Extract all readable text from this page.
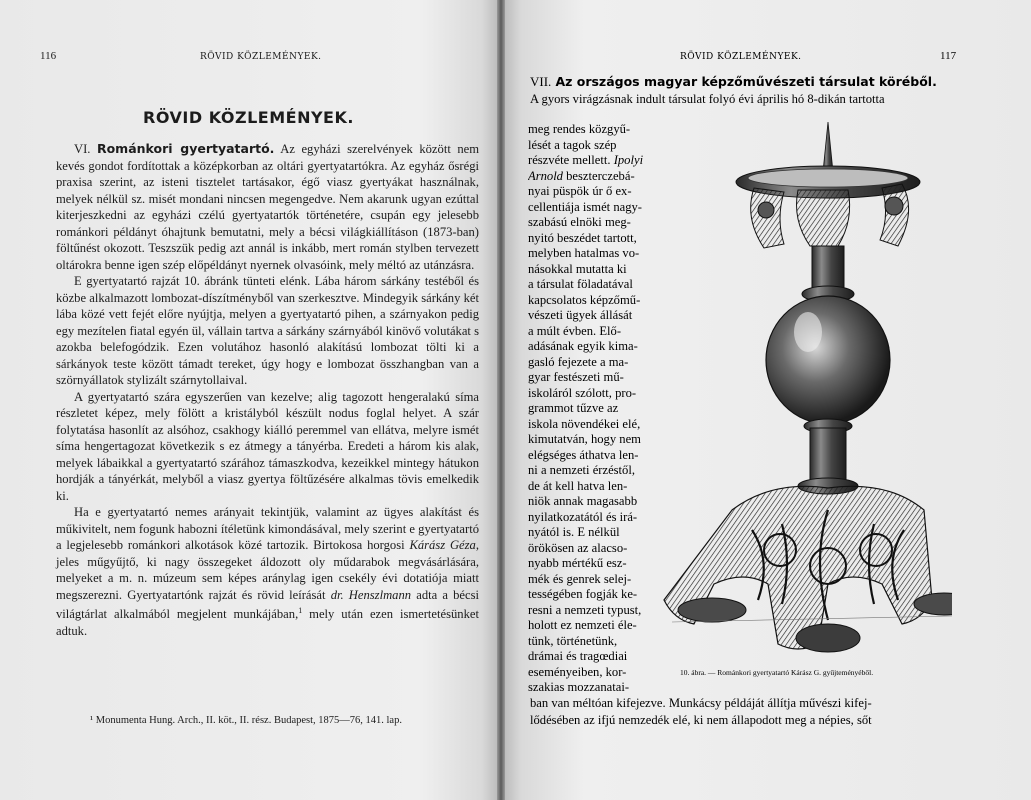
116	RÖVID KÖZLEMÉNYEK.
RÖVID KÖZLEMÉNYEK.

VI. Románkori gyertyatartó. Az egyházi szerelvények között nem kevés gondot fordítottak a középkorban az oltári gyertyatartókra. Az egyház ősrégi praxisa szerint, az isteni tisztelet tartásakor, égő viasz gyertyákat használnak, melyek nélkül sz. misét mondani nincsen megengedve. Nem akarunk ugyan ezúttal kiterjeszkedni az egyházi czélú gyertyatartók történetére, csupán egy jelesebb románkori példányt óhajtunk bemutatni, mely a bécsi világkiállításon (1873-ban) föltűnést okozott. Teszszük pedig azt annál is inkább, mert román stylben tervezett oltárokra benne igen szép előpéldányt nyernek olvasóink, mely méltó az utánzásra.

E gyertyatartó rajzát 10. ábránk tünteti elénk. Lába három sárkány testéből és közbe alkalmazott lombozat-díszítményből van szerkesztve. Mindegyik sárkány két lába közé vett fejét előre nyújtja, melyen a gyertyatartó pihen, a szárnyakon pedig egy mezítelen fiatal egyén ül, vállain tartva a sárkány szárnyából kinövő volutákat s azokba belefogódzik. Ezen volutához hasonló alakítású lombozat tölti ki a sárkányok teste között támadt tereket, úgy hogy e lombozat összhangban van a szörnyállatok stylizált szárnytollaival.

A gyertyatartó szára egyszerűen van kezelve; alig tagozott hengeralakú síma részletet képez, mely fölött a kristályból készült nodus foglal helyet. A szár folytatása hasonlít az alsóhoz, csakhogy kiálló peremmel van ellátva, melyre ismét síma hengertagozat következik s ez átmegy a tányérba. Eredeti a három kis alak, melyek lábaikkal a gyertyatartó szárához támaszkodva, kezeikkel mintegy hátukon hordják a tányérkát, melyből a viasz gyertya föltűzésére alkalmas tövis emelkedik ki.

Ha e gyertyatartó nemes arányait tekintjük, valamint az ügyes alakítást és műkivitelt, nem fogunk habozni ítéletünk kimondásával, mely szerint e gyertyatartó a legjelesebb románkori alkotások közé tartozik. Birtokosa horgosi Kárász Géza, jeles műgyűjtő, ki nagy összegeket áldozott oly műdarabok megvásárlására, melyeket a m. n. múzeum sem képes aránylag igen csekély évi dotatiója miatt megszerezni. Gyertyatartónk rajzát és rövid leírását dr. Henszlmann adta a bécsi világtárlat alkalmából megjelent munkájában,$^1$ mely után ezen ismertetésünket adtuk.

¹ Monumenta Hung. Arch., II. köt., II. rész. Budapest, 1875—76, 141. lap.
RÖVID KÖZLEMÉNYEK.	117
VII. Az országos magyar képzőművészeti társulat köréből.
A gyors virágzásnak indult társulat folyó évi április hó 8-dikán tartotta
meg rendes közgyű-
lését a tagok szép
részvéte mellett. Ipolyi
Arnold beszterczebá-
nyai püspök úr ő ex-
cellentiája ismét nagy-
szabású elnöki meg-
nyitó beszédet tartott,
melyben hatalmas vo-
násokkal mutatta ki
a társulat föladatával
kapcsolatos képzőmű-
vészeti ügyek állását
a múlt évben. Elő-
adásának egyik kima-
gasló fejezete a ma-
gyar festészeti mű-
iskoláról szólott, pro-
grammot tűzve az
iskola növendékei elé,
kimutatván, hogy nem
elégséges áthatva len-
ni a nemzeti érzéstől,
de át kell hatva len-
niök annak magasabb
nyilatkozatától és irá-
nyától is. E nélkül
örökösen az alacso-
nyabb mértékű esz-
mék és genrek selej-
tességében fogják ke-
resni a nemzeti typust,
holott ez nemzeti éle-
tünk, történetünk,
drámai és tragœdiai
eseményeiben, kor-
szakias mozzanatai-
10. ábra. — Románkori gyertyatartó Kárász G. gyűjteményéből.
ban van méltóan kifejezve. Munkácsy példáját állítja művészi kifej-
lődésében az ifjú nemzedék elé, ki nem állapodott meg a népies, sőt
